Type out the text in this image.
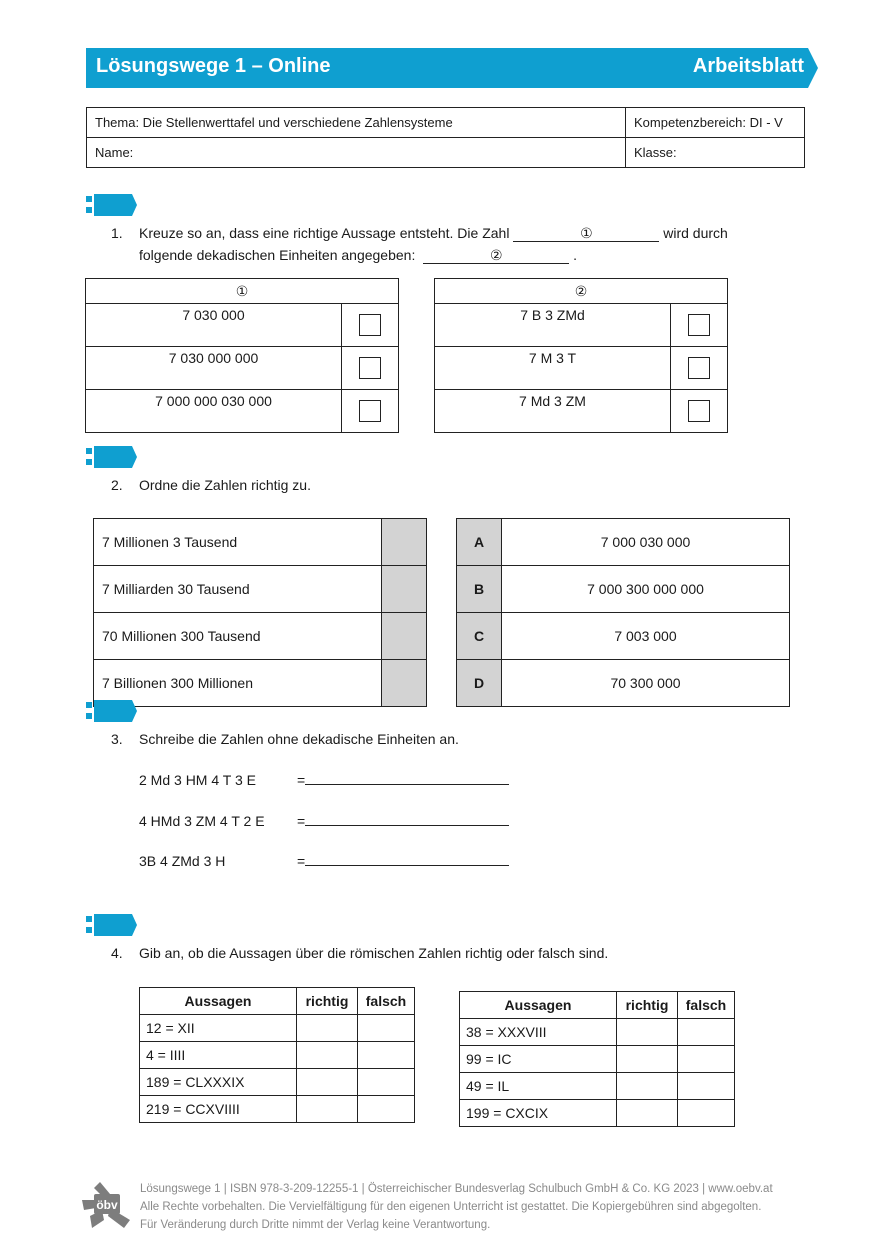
Lösungswege 1 – Online	Arbeitsblatt
Thema: Die Stellenwerttafel und verschiedene Zahlensysteme	Kompetenzbereich: DI - V
Name:	Klasse:
1. Kreuze so an, dass eine richtige Aussage entsteht. Die Zahl	①	wird durch
folgende dekadischen Einheiten angegeben:	②	.
①	
7 030 000	
7 030 000 000	
7 000 000 030 000	
②	
7 B 3 ZMd	
7 M 3 T	
7 Md 3 ZM	
2. Ordne die Zahlen richtig zu.
7 Millionen 3 Tausend	
7 Milliarden 30 Tausend	
70 Millionen 300 Tausend	
7 Billionen 300 Millionen	
A	7 000 030 000
B	7 000 300 000 000
C	7 003 000
D	70 300 000
3. Schreibe die Zahlen ohne dekadische Einheiten an.
2 Md 3 HM 4 T 3 E	=
4 HMd 3 ZM 4 T 2 E =
3B 4 ZMd 3 H	=
4. Gib an, ob die Aussagen über die römischen Zahlen richtig oder falsch sind.
Aussagen	richtig	falsch
12 = XII		
4 = IIII		
189 = CLXXXIX		
219 = CCXVIIII		
Aussagen	richtig	falsch
38 = XXXVIII		
99 = IC		
49 = IL		
199 = CXCIX		
öbv
Lösungswege 1 | ISBN 978-3-209-12255-1 | Österreichischer Bundesverlag Schulbuch GmbH & Co. KG 2023 | www.oebv.at
Alle Rechte vorbehalten. Die Vervielfältigung für den eigenen Unterricht ist gestattet. Die Kopiergebühren sind abgegolten.
Für Veränderung durch Dritte nimmt der Verlag keine Verantwortung.
